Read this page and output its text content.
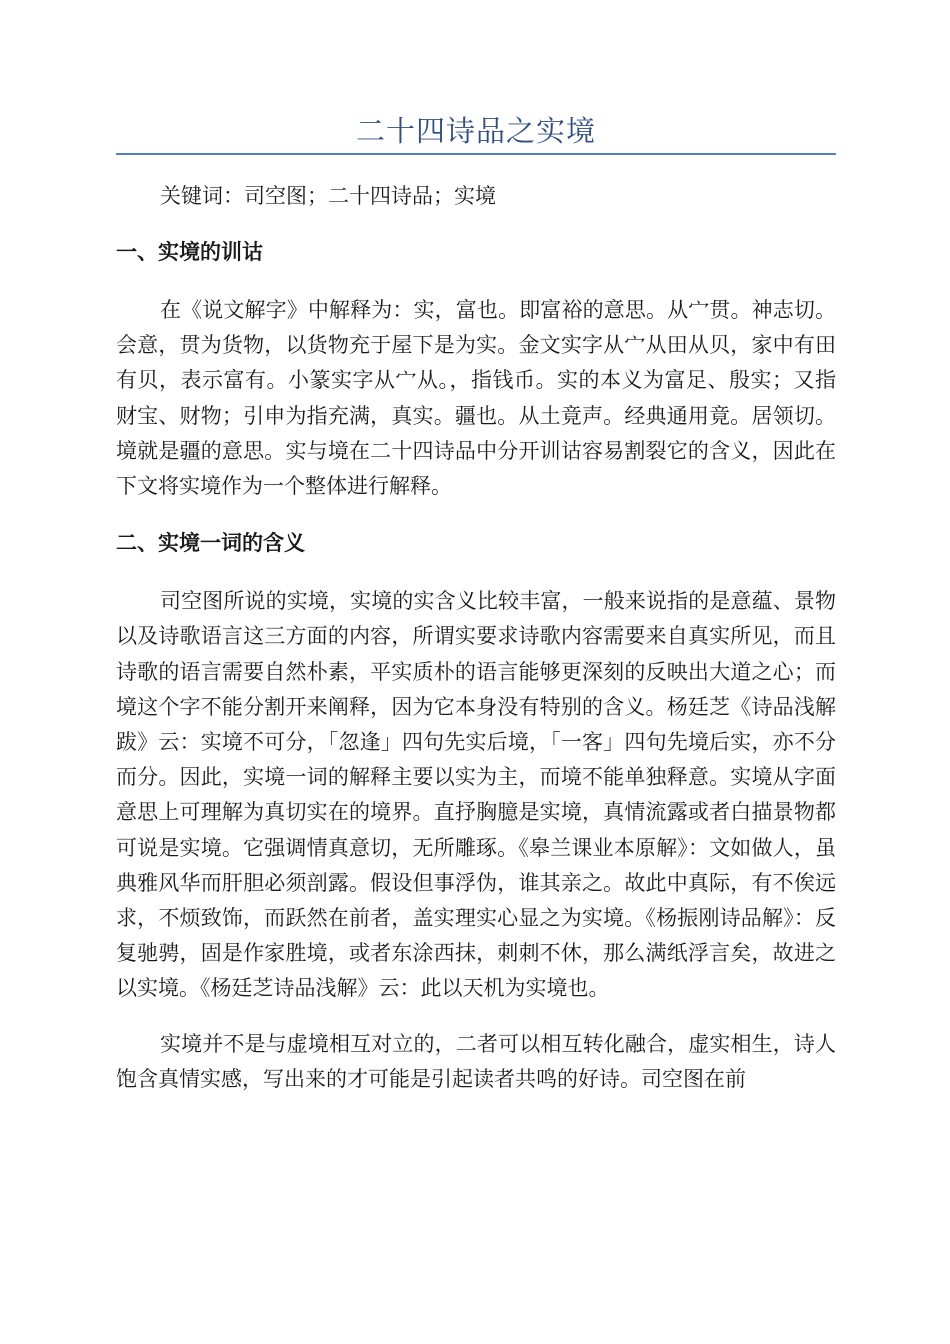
二十四诗品之实境

关键词：司空图；二十四诗品；实境

一、实境的训诂

在《说文解字》中解释为：实，富也。即富裕的意思。从宀贯。神志切。会意，贯为货物，以货物充于屋下是为实。金文实字从宀从田从贝，家中有田有贝，表示富有。小篆实字从宀从。，指钱币。实的本义为富足、殷实；又指财宝、财物；引申为指充满，真实。疆也。从土竟声。经典通用竟。居领切。境就是疆的意思。实与境在二十四诗品中分开训诂容易割裂它的含义，因此在下文将实境作为一个整体进行解释。

二、实境一词的含义

司空图所说的实境，实境的实含义比较丰富，一般来说指的是意蕴、景物以及诗歌语言这三方面的内容，所谓实要求诗歌内容需要来自真实所见，而且诗歌的语言需要自然朴素，平实质朴的语言能够更深刻的反映出大道之心；而境这个字不能分割开来阐释，因为它本身没有特别的含义。杨廷芝《诗品浅解跋》云：实境不可分，「忽逢」四句先实后境，「一客」四句先境后实，亦不分而分。因此，实境一词的解释主要以实为主，而境不能单独释意。实境从字面意思上可理解为真切实在的境界。直抒胸臆是实境，真情流露或者白描景物都可说是实境。它强调情真意切，无所雕琢。《皋兰课业本原解》：文如做人，虽典雅风华而肝胆必须剖露。假设但事浮伪，谁其亲之。故此中真际，有不俟远求，不烦致饰，而跃然在前者，盖实理实心显之为实境。《杨振刚诗品解》：反复驰骋，固是作家胜境，或者东涂西抹，刺刺不休，那么满纸浮言矣，故进之以实境。《杨廷芝诗品浅解》云：此以天机为实境也。

实境并不是与虚境相互对立的，二者可以相互转化融合，虚实相生，诗人饱含真情实感，写出来的才可能是引起读者共鸣的好诗。司空图在前
